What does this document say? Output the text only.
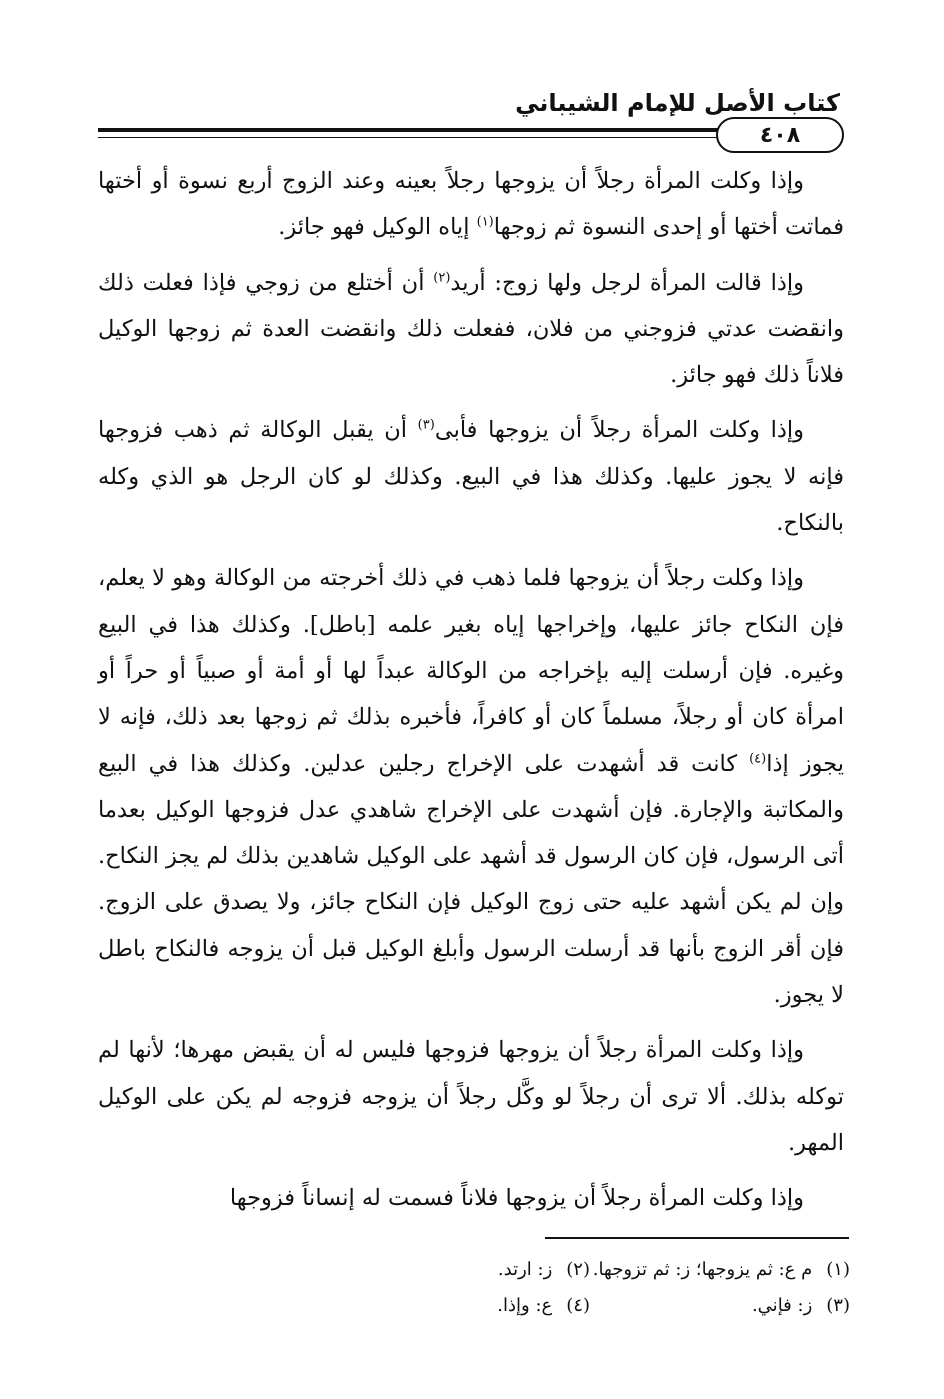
كتاب الأصل للإمام الشيباني
٤٠٨

وإذا وكلت المرأة رجلاً أن يزوجها رجلاً بعينه وعند الزوج أربع نسوة أو أختها فماتت أختها أو إحدى النسوة ثم زوجها$^{(١)}$ إياه الوكيل فهو جائز.

وإذا قالت المرأة لرجل ولها زوج: أريد$^{(٢)}$ أن أختلع من زوجي فإذا فعلت ذلك وانقضت عدتي فزوجني من فلان، ففعلت ذلك وانقضت العدة ثم زوجها الوكيل فلاناً ذلك فهو جائز.

وإذا وكلت المرأة رجلاً أن يزوجها فأبى$^{(٣)}$ أن يقبل الوكالة ثم ذهب فزوجها فإنه لا يجوز عليها. وكذلك هذا في البيع. وكذلك لو كان الرجل هو الذي وكله بالنكاح.

وإذا وكلت رجلاً أن يزوجها فلما ذهب في ذلك أخرجته من الوكالة وهو لا يعلم، فإن النكاح جائز عليها، وإخراجها إياه بغير علمه [باطل]. وكذلك هذا في البيع وغيره. فإن أرسلت إليه بإخراجه من الوكالة عبداً لها أو أمة أو صبياً أو حراً أو امرأة كان أو رجلاً، مسلماً كان أو كافراً، فأخبره بذلك ثم زوجها بعد ذلك، فإنه لا يجوز إذا$^{(٤)}$ كانت قد أشهدت على الإخراج رجلين عدلين. وكذلك هذا في البيع والمكاتبة والإجارة. فإن أشهدت على الإخراج شاهدي عدل فزوجها الوكيل بعدما أتى الرسول، فإن كان الرسول قد أشهد على الوكيل شاهدين بذلك لم يجز النكاح. وإن لم يكن أشهد عليه حتى زوج الوكيل فإن النكاح جائز، ولا يصدق على الزوج. فإن أقر الزوج بأنها قد أرسلت الرسول وأبلغ الوكيل قبل أن يزوجه فالنكاح باطل لا يجوز.

وإذا وكلت المرأة رجلاً أن يزوجها فزوجها فليس له أن يقبض مهرها؛ لأنها لم توكله بذلك. ألا ترى أن رجلاً لو وكَّل رجلاً أن يزوجه فزوجه لم يكن على الوكيل المهر.

وإذا وكلت المرأة رجلاً أن يزوجها فلاناً فسمت له إنساناً فزوجها

(١)م ع: ثم يزوجها؛ ز: ثم تزوجها.
(٢)ز: ارتد.
(٣)ز: فإني.
(٤)ع: وإذا.
